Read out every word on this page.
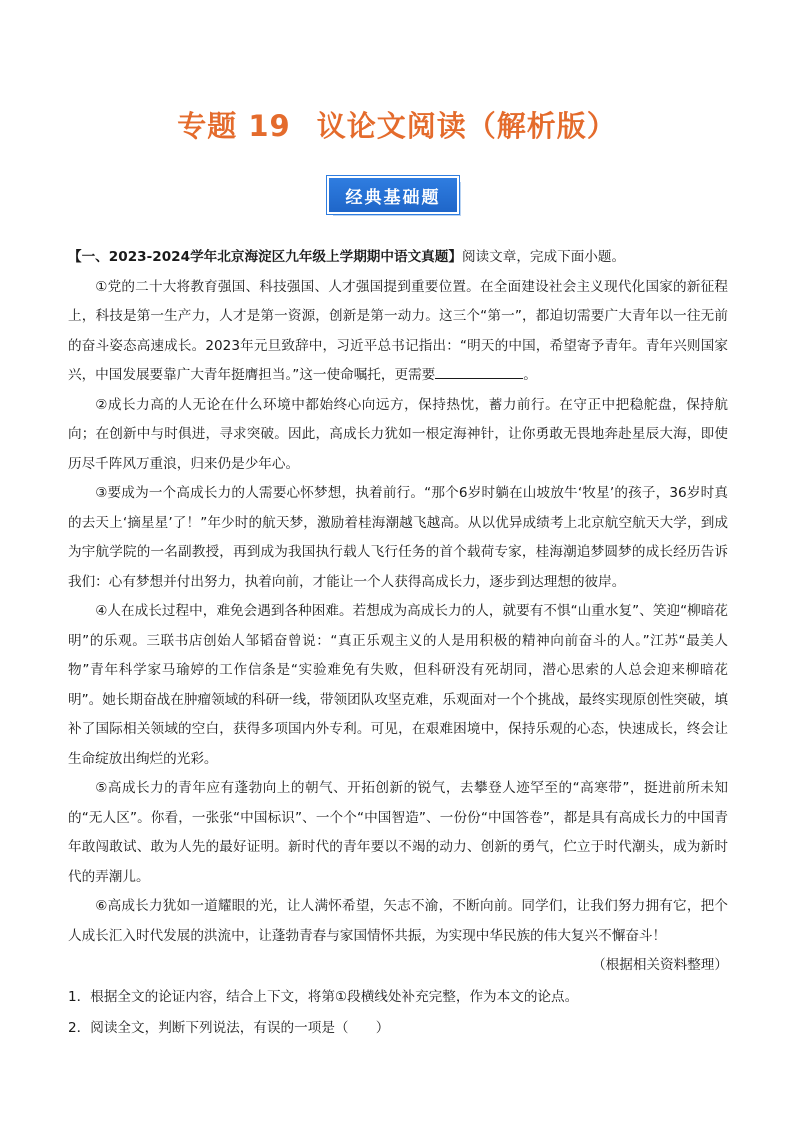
专题 19 议论文阅读（解析版）
经典基础题

【一、2023-2024学年北京海淀区九年级上学期期中语文真题】阅读文章，完成下面小题。

①党的二十大将教育强国、科技强国、人才强国提到重要位置。在全面建设社会主义现代化国家的新征程上，科技是第一生产力，人才是第一资源，创新是第一动力。这三个“第一”，都迫切需要广大青年以一往无前的奋斗姿态高速成长。2023年元旦致辞中，习近平总书记指出：“明天的中国，希望寄予青年。青年兴则国家兴，中国发展要靠广大青年挺膺担当。”这一使命嘱托，更需要	。

②成长力高的人无论在什么环境中都始终心向远方，保持热忱，蓄力前行。在守正中把稳舵盘，保持航向；在创新中与时俱进，寻求突破。因此，高成长力犹如一根定海神针，让你勇敢无畏地奔赴星辰大海，即使历尽千阵风万重浪，归来仍是少年心。

③要成为一个高成长力的人需要心怀梦想，执着前行。“那个6岁时躺在山坡放牛‘牧星’的孩子，36岁时真的去天上‘摘星星’了！”年少时的航天梦，激励着桂海潮越飞越高。从以优异成绩考上北京航空航天大学，到成为宇航学院的一名副教授，再到成为我国执行载人飞行任务的首个载荷专家，桂海潮追梦圆梦的成长经历告诉我们：心有梦想并付出努力，执着向前，才能让一个人获得高成长力，逐步到达理想的彼岸。

④人在成长过程中，难免会遇到各种困难。若想成为高成长力的人，就要有不惧“山重水复”、笑迎“柳暗花明”的乐观。三联书店创始人邹韬奋曾说：“真正乐观主义的人是用积极的精神向前奋斗的人。”江苏“最美人物”青年科学家马瑜婷的工作信条是“实验难免有失败，但科研没有死胡同，潜心思索的人总会迎来柳暗花明”。她长期奋战在肿瘤领域的科研一线，带领团队攻坚克难，乐观面对一个个挑战，最终实现原创性突破，填补了国际相关领域的空白，获得多项国内外专利。可见，在艰难困境中，保持乐观的心态，快速成长，终会让生命绽放出绚烂的光彩。

⑤高成长力的青年应有蓬勃向上的朝气、开拓创新的锐气，去攀登人迹罕至的“高寒带”，挺进前所未知的“无人区”。你看，一张张“中国标识”、一个个“中国智造”、一份份“中国答卷”，都是具有高成长力的中国青年敢闯敢试、敢为人先的最好证明。新时代的青年要以不竭的动力、创新的勇气，伫立于时代潮头，成为新时代的弄潮儿。

⑥高成长力犹如一道耀眼的光，让人满怀希望，矢志不渝，不断向前。同学们，让我们努力拥有它，把个人成长汇入时代发展的洪流中，让蓬勃青春与家国情怀共振，为实现中华民族的伟大复兴不懈奋斗！

（根据相关资料整理）

1．根据全文的论证内容，结合上下文，将第①段横线处补充完整，作为本文的论点。

2．阅读全文，判断下列说法，有误的一项是（　　）
